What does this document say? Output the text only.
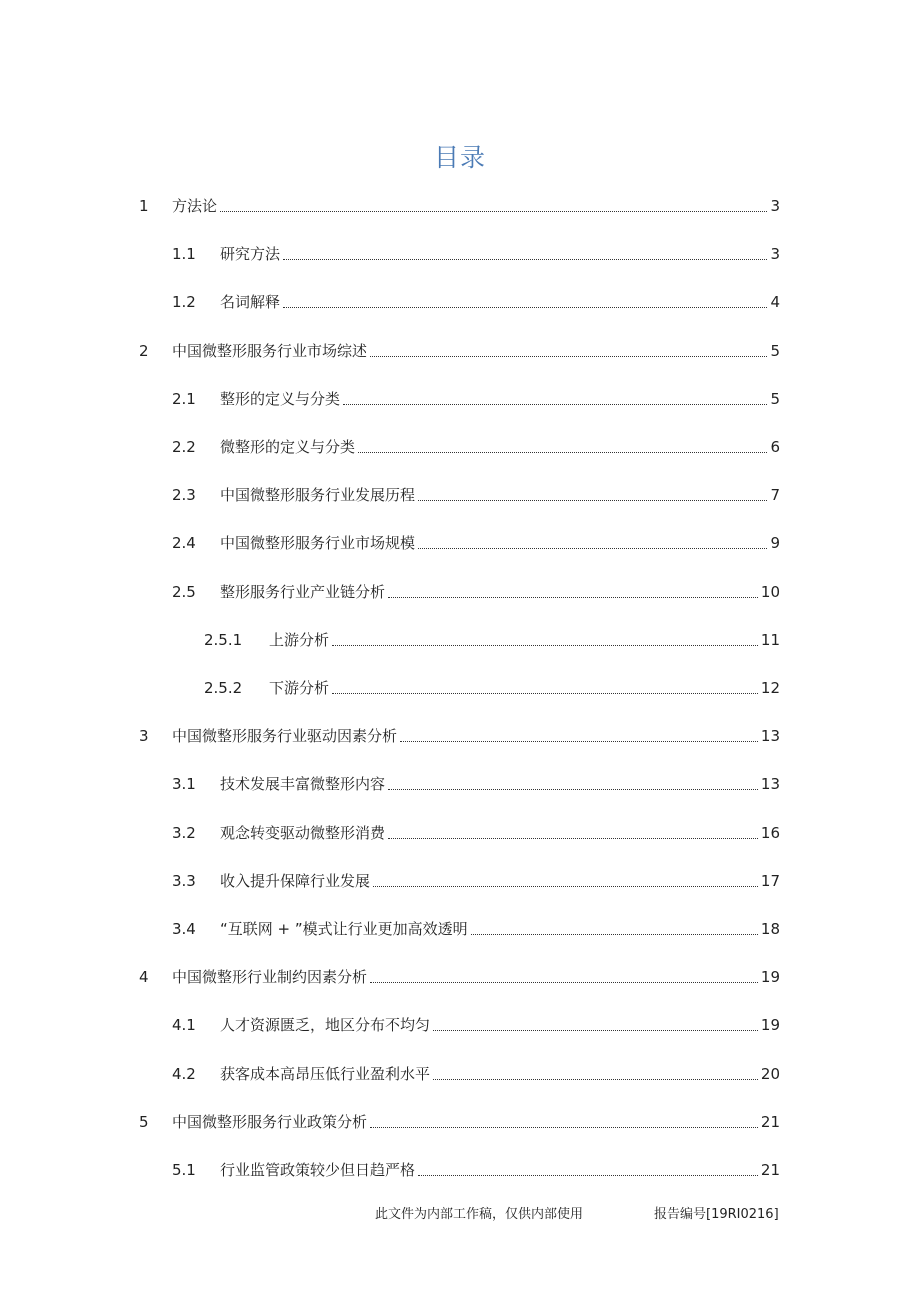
目录
1	方法论	3
1.1	研究方法	3
1.2	名词解释	4
2	中国微整形服务行业市场综述	5
2.1	整形的定义与分类	5
2.2	微整形的定义与分类	6
2.3	中国微整形服务行业发展历程	7
2.4	中国微整形服务行业市场规模	9
2.5	整形服务行业产业链分析	10
2.5.1	上游分析	11
2.5.2	下游分析	12
3	中国微整形服务行业驱动因素分析	13
3.1	技术发展丰富微整形内容	13
3.2	观念转变驱动微整形消费	16
3.3	收入提升保障行业发展	17
3.4	“互联网 + ”模式让行业更加高效透明	18
4	中国微整形行业制约因素分析	19
4.1	人才资源匮乏，地区分布不均匀	19
4.2	获客成本高昂压低行业盈利水平	20
5	中国微整形服务行业政策分析	21
5.1	行业监管政策较少但日趋严格	21
此文件为内部工作稿，仅供内部使用	报告编号[19RI0216]
